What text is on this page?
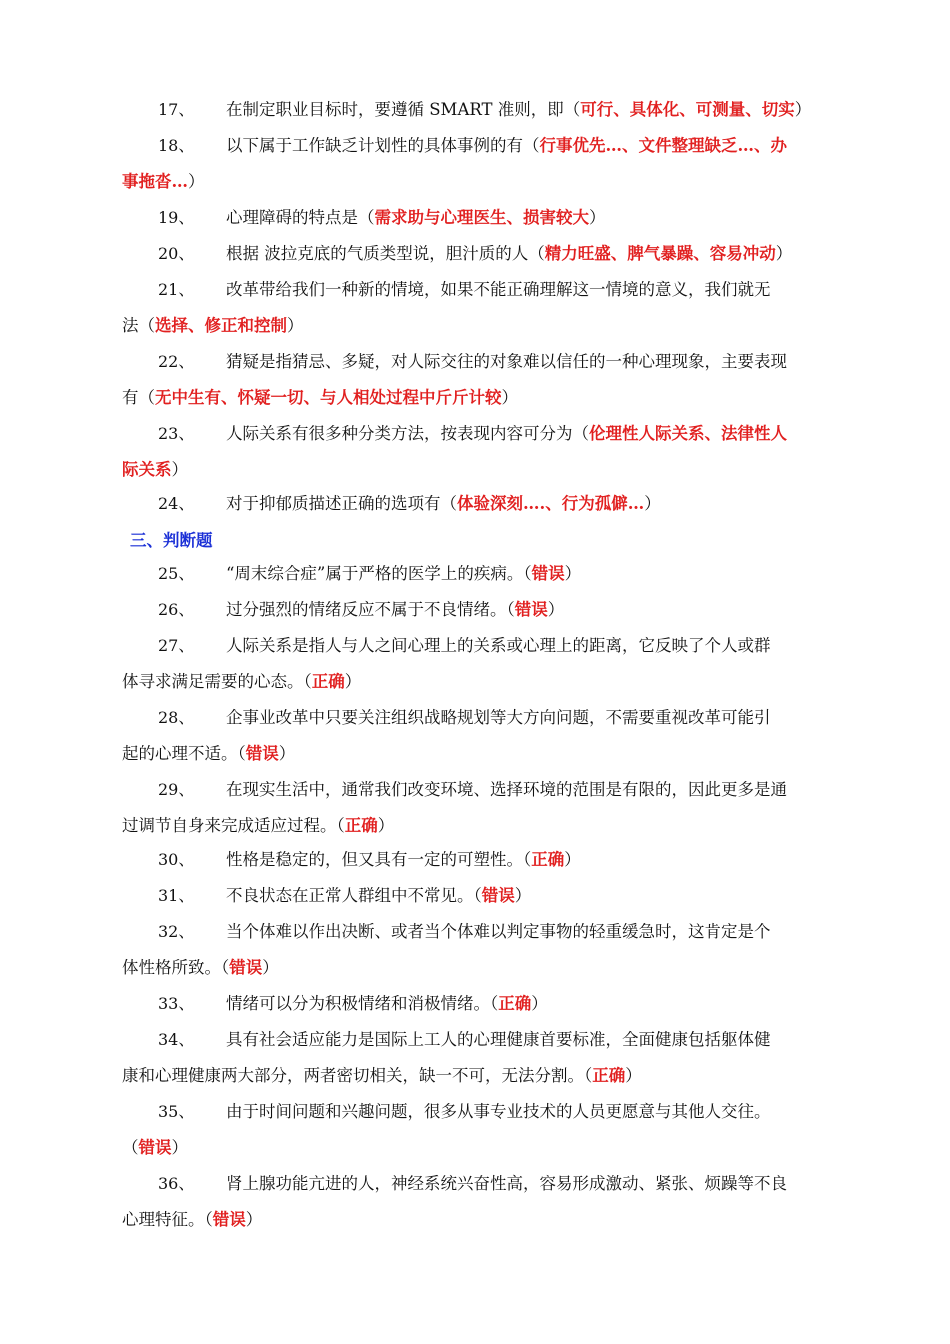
17、	在制定职业目标时，要遵循 SMART 准则，即（可行、具体化、可测量、切实）
18、	以下属于工作缺乏计划性的具体事例的有（行事优先…、文件整理缺乏…、办
事拖沓…）
19、	心理障碍的特点是（需求助与心理医生、损害较大）
20、	根据 波拉克底的气质类型说，胆汁质的人（精力旺盛、脾气暴躁、容易冲动）
21、	改革带给我们一种新的情境，如果不能正确理解这一情境的意义，我们就无
法（选择、修正和控制）
22、	猜疑是指猜忌、多疑，对人际交往的对象难以信任的一种心理现象，主要表现
有（无中生有、怀疑一切、与人相处过程中斤斤计较）
23、	人际关系有很多种分类方法，按表现内容可分为（伦理性人际关系、法律性人
际关系）
24、	对于抑郁质描述正确的选项有（体验深刻….、行为孤僻…）
三、判断题
25、	“周末综合症”属于严格的医学上的疾病。（错误）
26、	过分强烈的情绪反应不属于不良情绪。（错误）
27、	人际关系是指人与人之间心理上的关系或心理上的距离，它反映了个人或群
体寻求满足需要的心态。（正确）
28、	企事业改革中只要关注组织战略规划等大方向问题，不需要重视改革可能引
起的心理不适。（错误）
29、	在现实生活中，通常我们改变环境、选择环境的范围是有限的，因此更多是通
过调节自身来完成适应过程。（正确）
30、	性格是稳定的，但又具有一定的可塑性。（正确）
31、	不良状态在正常人群组中不常见。（错误）
32、	当个体难以作出决断、或者当个体难以判定事物的轻重缓急时，这肯定是个
体性格所致。（错误）
33、	情绪可以分为积极情绪和消极情绪。（正确）
34、	具有社会适应能力是国际上工人的心理健康首要标准，全面健康包括躯体健
康和心理健康两大部分，两者密切相关，缺一不可，无法分割。（正确）
35、	由于时间问题和兴趣问题，很多从事专业技术的人员更愿意与其他人交往。
（错误）
36、	肾上腺功能亢进的人，神经系统兴奋性高，容易形成激动、紧张、烦躁等不良
心理特征。（错误）
